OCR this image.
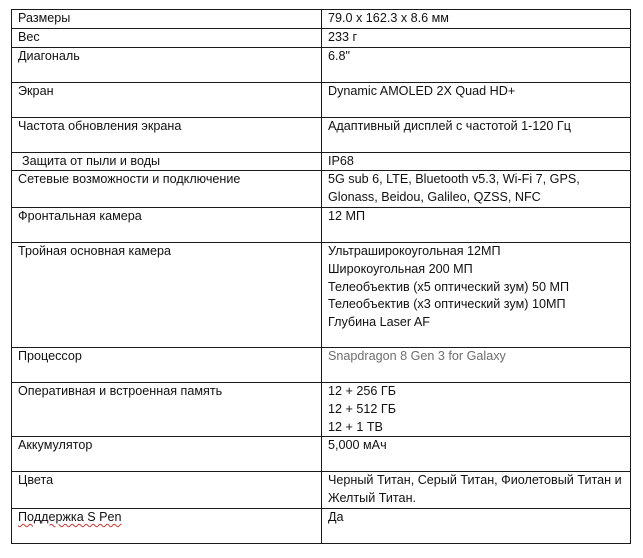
Размеры	79.0 x 162.3 x 8.6 мм

Вес	233 г

Диагональ	6.8"

Экран	Dynamic AMOLED 2X Quad HD+

Частота обновления экрана	Адаптивный дисплей с частотой 1-120 Гц

Защита от пыли и воды	IP68

Сетевые возможности и подключение	5G sub 6, LTE, Bluetooth v5.3, Wi-Fi 7, GPS, Glonass, Beidou, Galileo, QZSS, NFC

Фронтальная камера	12 МП

Тройная основная камера	Ультраширокоугольная 12МП
Широкоугольная 200 МП
Телеобъектив (x5 оптический зум) 50 МП
Телеобъектив (x3 оптический зум) 10МП
Глубина Laser AF

Процессор	Snapdragon 8 Gen 3 for Galaxy

Оперативная и встроенная память	12 + 256 ГБ
12 + 512 ГБ
12 + 1 ТВ

Аккумулятор	5,000 мАч

Цвета	Черный Титан, Серый Титан, Фиолетовый Титан и Желтый Титан.

Поддержка S Pen	Да
